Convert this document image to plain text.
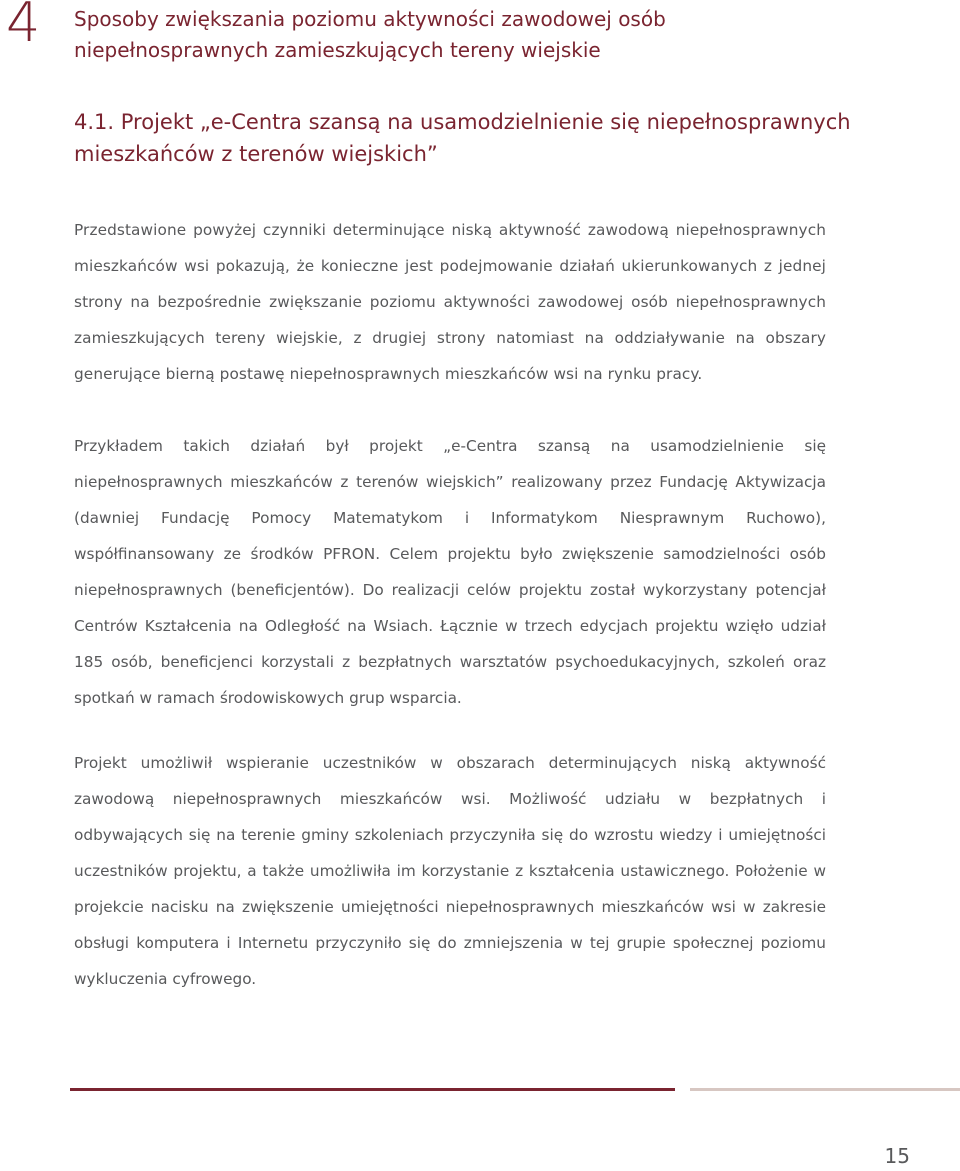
4 Sposoby zwiększania poziomu aktywności zawodowej osób
niepełnosprawnych zamieszkujących tereny wiejskie
4.1. Projekt „e-Centra szansą na usamodzielnienie się niepełnosprawnych mieszkańców z terenów wiejskich”

Przedstawione powyżej czynniki determinujące niską aktywność zawodową niepełnosprawnych mieszkańców wsi pokazują, że konieczne jest podejmowanie działań ukierunkowanych z jednej strony na bezpośrednie zwiększanie poziomu aktywności zawodowej osób niepełnosprawnych zamieszkujących tereny wiejskie, z drugiej strony natomiast na oddziaływanie na obszary generujące bierną postawę niepełnosprawnych mieszkańców wsi na rynku pracy.

Przykładem takich działań był projekt „e-Centra szansą na usamodzielnienie się niepełnosprawnych mieszkańców z terenów wiejskich” realizowany przez Fundację Aktywizacja (dawniej Fundację Pomocy Matematykom i Informatykom Niesprawnym Ruchowo), współfinansowany ze środków PFRON. Celem projektu było zwiększenie samodzielności osób niepełnosprawnych (beneficjentów). Do realizacji celów projektu został wykorzystany potencjał Centrów Kształcenia na Odległość na Wsiach. Łącznie w trzech edycjach projektu wzięło udział 185 osób, beneficjenci korzystali z bezpłatnych warsztatów psychoedukacyjnych, szkoleń oraz spotkań w ramach środowiskowych grup wsparcia.

Projekt umożliwił wspieranie uczestników w obszarach determinujących niską aktywność zawodową niepełnosprawnych mieszkańców wsi. Możliwość udziału w bezpłatnych i odbywających się na terenie gminy szkoleniach przyczyniła się do wzrostu wiedzy i umiejętności uczestników projektu, a także umożliwiła im korzystanie z kształcenia ustawicznego. Położenie w projekcie nacisku na zwiększenie umiejętności niepełnosprawnych mieszkańców wsi w zakresie obsługi komputera i Internetu przyczyniło się do zmniejszenia w tej grupie społecznej poziomu wykluczenia cyfrowego.

15
